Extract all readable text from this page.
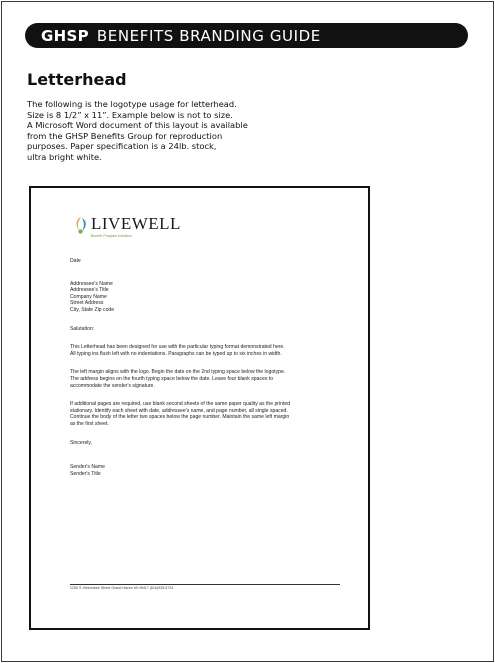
GHSP BENEFITS BRANDING GUIDE
Letterhead
The following is the logotype usage for letterhead.
Size is 8 1/2” x 11”. Example below is not to size.
A Microsoft Word document of this layout is available
from the GHSP Benefits Group for reproduction
purposes. Paper specification is a 24lb. stock,
ultra bright white.
LIVEWELL
Benefit Program Initiative
Date
Addressee's Name
Addressee's Title
Company Name
Street Address
City, State Zip code
Salutation:
This Letterhead has been designed for use with the particular typing format demonstrated here.
All typing ins flush left with no indentations. Paragraphs can be typed up to six inches in width.
The left margin aligns with the logo. Begin the date on the 2nd typing space below the logotype.
The address begins on the fourth typing space below the date. Leave four blank spaces to
accommodate the sender's signature.
If additional pages are required, use blank second sheets of the same paper quality as the printed
stationary. Identify each sheet with date, addressee's name, and page number, all single spaced.
Continue the body of the letter two spaces below the page number. Maintain the same left margin
as the first sheet.
Sincerely,
Sender's Name
Sender's Title
1250 S. Beechtree Street Grand Haven MI 49417 (616)935-5724
